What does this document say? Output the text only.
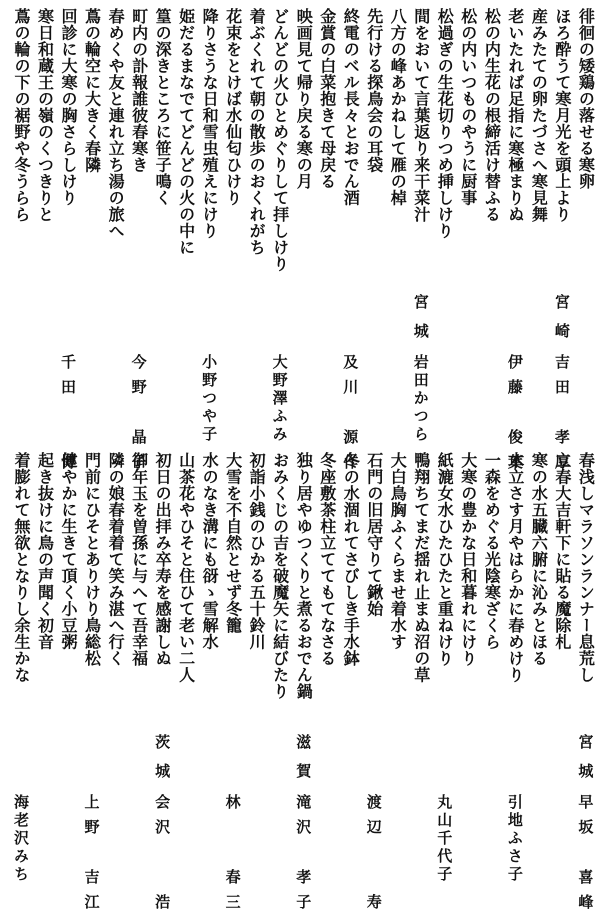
徘徊の矮鶏の落せる寒卵
ほろ酔うて寒月光を頭上より
宮崎
吉田　孝厚
産みたての卵たづさへ寒見舞
老いたれば足指に寒極まりぬ
伊藤　俊葉
松の内生花の根締活け替ふる
松の内いつものやうに厨事
松過ぎの生花切りつめ挿しけり
間をおいて言葉返り来干菜汁
宮城
岩田かつら
八方の峰あかねして雁の棹
先行ける探鳥会の耳袋
終電のベル長々とおでん酒
及川　源作
金賞の白菜抱きて母戻る
映画見て帰り戻る寒の月
どんどの火ひとめぐりして拝しけり
大野澤ふみ
着ぶくれて朝の散歩のおくれがち
花束をとけば水仙匂ひけり
降りさうな日和雪虫殖えにけり
小野つや子
姫だるまなでてどんどの火の中に
篁の深きところに笹子鳴く
町内の訃報誰彼春寒き
今野　晶子
春めくや友と連れ立ち湯の旅へ
蔦の輪空に大きく春隣
回診に大寒の胸さらしけり
千田　　博
寒日和蔵王の嶺のくつきりと
蔦の輪の下の裾野や冬うらら
春浅しマラソンランナー息荒し
宮城
早坂　喜峰
立春大吉軒下に貼る魔除札
寒の水五臓六腑に沁みとほる
木立さす月やはらかに春めけり
引地ふさ子
一森をめぐる光陰寒ざくら
大寒の豊かな日和暮れにけり
紙漉女水ひたひたと重ねけり
丸山千代子
鴨翔ちてまだ揺れ止まぬ沼の草
大白鳥胸ふくらませ着水す
石門の旧居守りて鍬始
渡辺　　寿
冬の水涸れてさびしき手水鉢
冬座敷茶柱立ててもてなさる
独り居やゆつくりと煮るおでん鍋
滋賀
滝沢　孝子
おみくじの吉を破魔矢に結びたり
初詣小銭のひかる五十鈴川
大雪を不自然とせず冬籠
林　　春三
水のなき溝にも谺ゝ雪解水
山茶花やひそと住ひて老い二人
初日の出拝み卒寿を感謝しぬ
茨城
会沢　　浩
御年玉を曽孫に与へて吾幸福
隣の娘春着着て笑み湛へ行く
門前にひそとありけり鳥総松
上野　吉江
健やかに生きて頂く小豆粥
起き抜けに鳥の声聞く初音
着膨れて無欲となりし余生かな
海老沢みち
